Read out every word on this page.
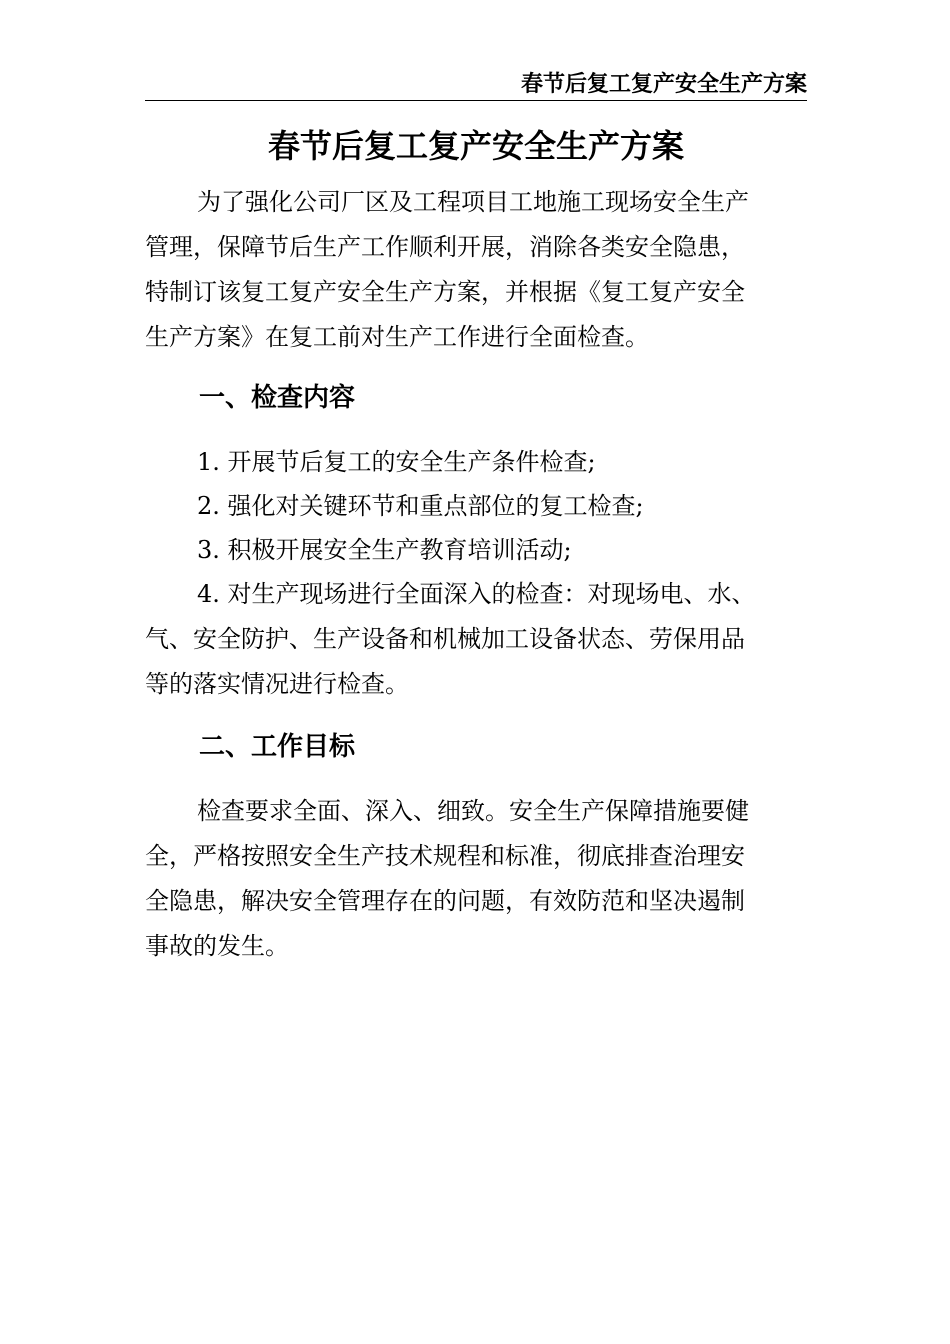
春节后复工复产安全生产方案
春节后复工复产安全生产方案
为了强化公司厂区及工程项目工地施工现场安全生产
管理，保障节后生产工作顺利开展，消除各类安全隐患，
特制订该复工复产安全生产方案，并根据《复工复产安全
生产方案》在复工前对生产工作进行全面检查。
一、检查内容
1. 开展节后复工的安全生产条件检查;
2. 强化对关键环节和重点部位的复工检查;
3. 积极开展安全生产教育培训活动;
4. 对生产现场进行全面深入的检查：对现场电、水、
气、安全防护、生产设备和机械加工设备状态、劳保用品
等的落实情况进行检查。
二、工作目标
检查要求全面、深入、细致。安全生产保障措施要健
全，严格按照安全生产技术规程和标准，彻底排查治理安
全隐患，解决安全管理存在的问题，有效防范和坚决遏制
事故的发生。
